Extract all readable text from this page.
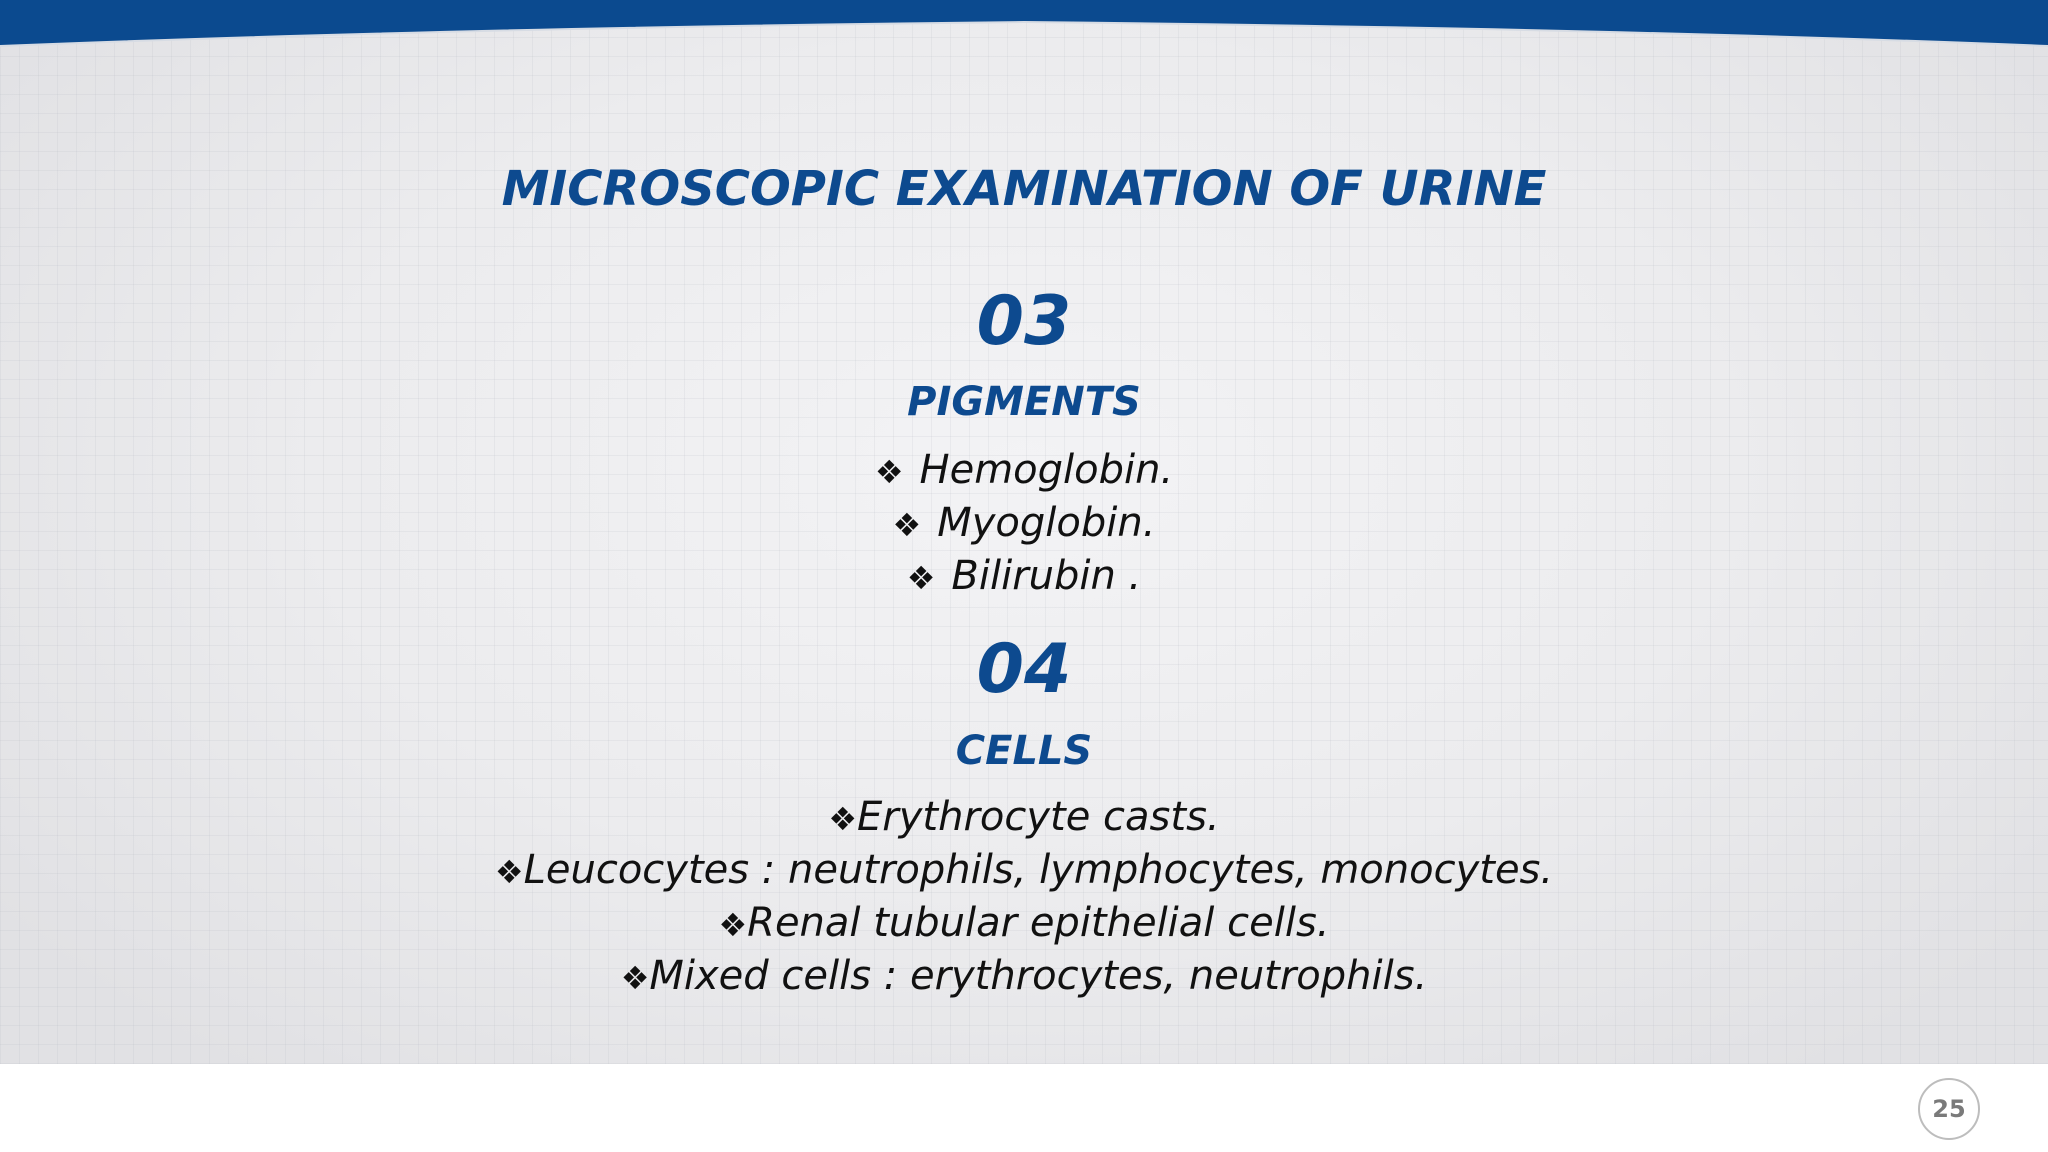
MICROSCOPIC EXAMINATION OF URINE
03
PIGMENTS
❖ Hemoglobin.
❖ Myoglobin.
❖ Bilirubin .
04
CELLS
❖Erythrocyte casts.
❖Leucocytes : neutrophils, lymphocytes, monocytes.
❖Renal tubular epithelial cells.
❖Mixed cells : erythrocytes, neutrophils.
25
